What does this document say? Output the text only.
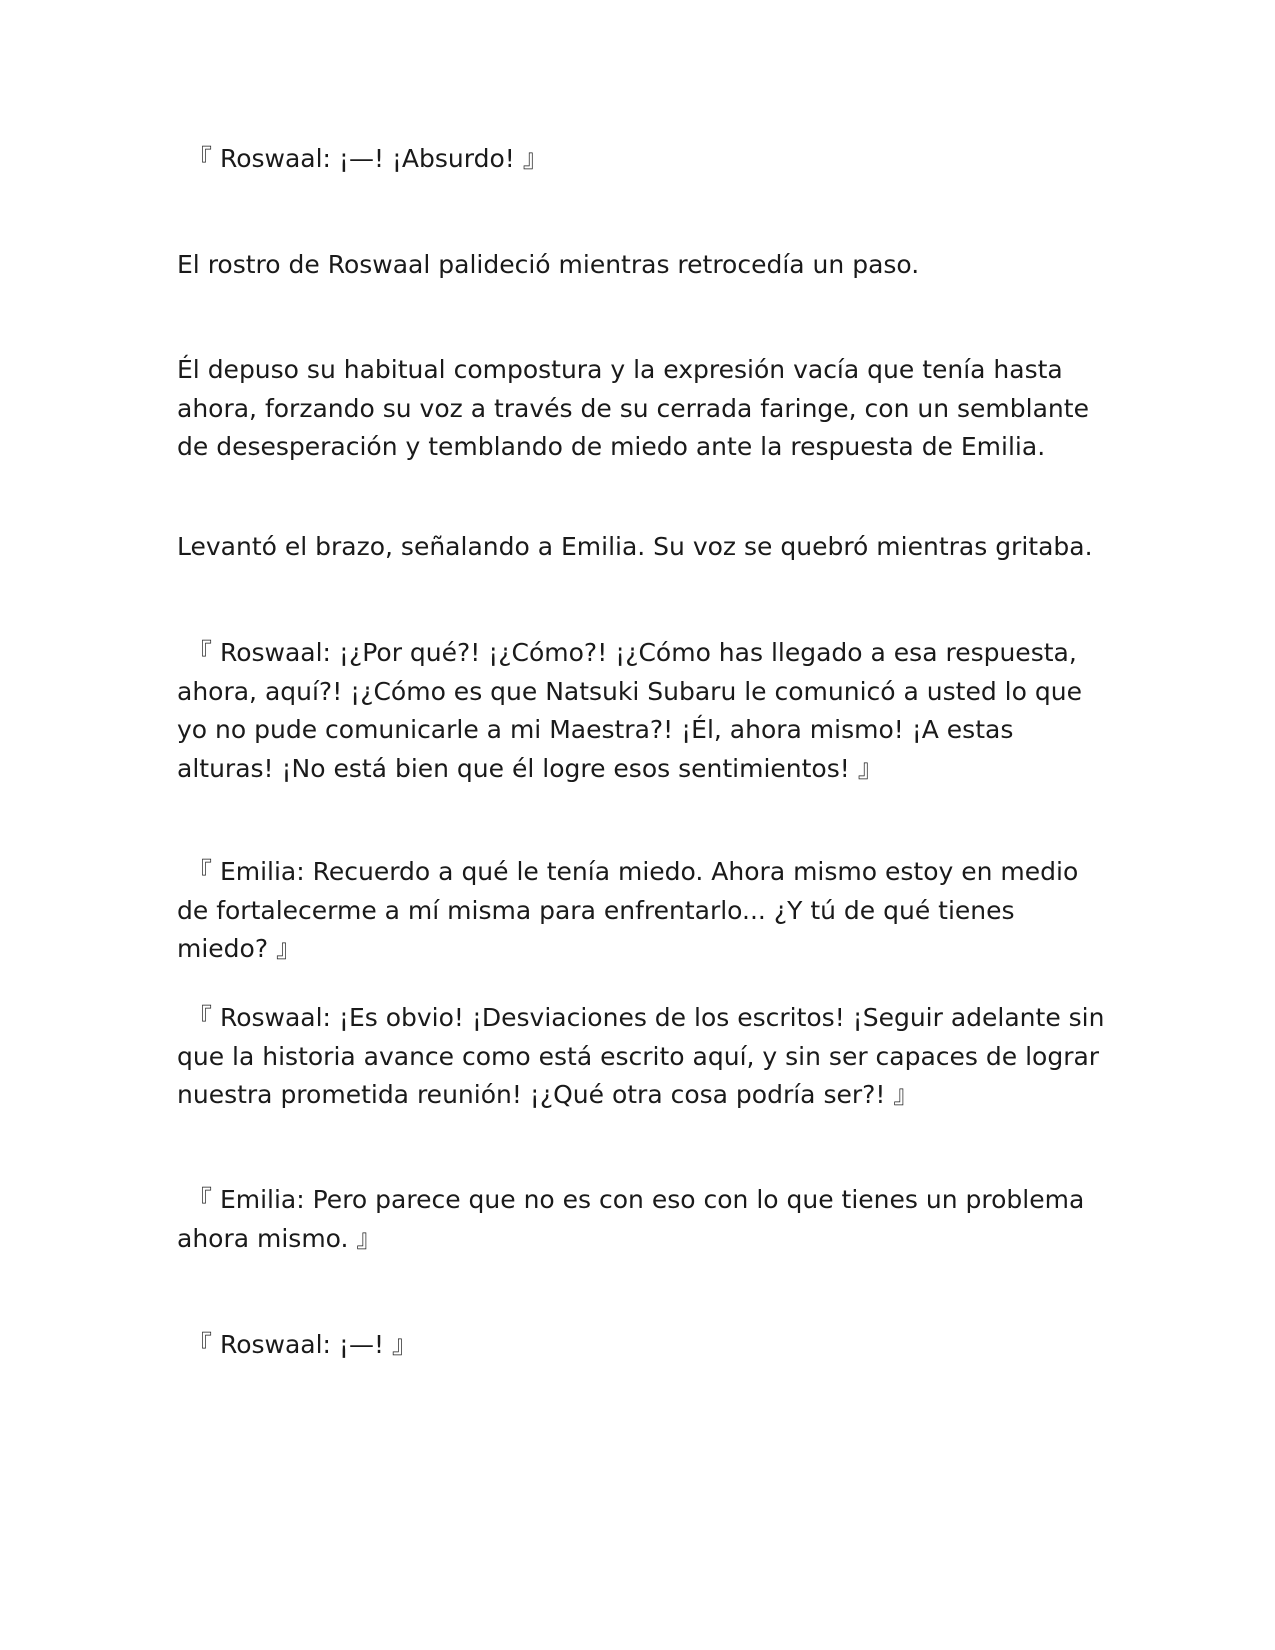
『 Roswaal: ¡—! ¡Absurdo! 』

El rostro de Roswaal palideció mientras retrocedía un paso.

Él depuso su habitual compostura y la expresión vacía que tenía hasta ahora, forzando su voz a través de su cerrada faringe, con un semblante de desesperación y temblando de miedo ante la respuesta de Emilia.

Levantó el brazo, señalando a Emilia. Su voz se quebró mientras gritaba.

『 Roswaal: ¡¿Por qué?! ¡¿Cómo?! ¡¿Cómo has llegado a esa respuesta, ahora, aquí?! ¡¿Cómo es que Natsuki Subaru le comunicó a usted lo que yo no pude comunicarle a mi Maestra?! ¡Él, ahora mismo! ¡A estas alturas! ¡No está bien que él logre esos sentimientos! 』

『 Emilia: Recuerdo a qué le tenía miedo. Ahora mismo estoy en medio de fortalecerme a mí misma para enfrentarlo... ¿Y tú de qué tienes miedo? 』

『 Roswaal: ¡Es obvio! ¡Desviaciones de los escritos! ¡Seguir adelante sin que la historia avance como está escrito aquí, y sin ser capaces de lograr nuestra prometida reunión! ¡¿Qué otra cosa podría ser?! 』

『 Emilia: Pero parece que no es con eso con lo que tienes un problema ahora mismo. 』

『 Roswaal: ¡—! 』
